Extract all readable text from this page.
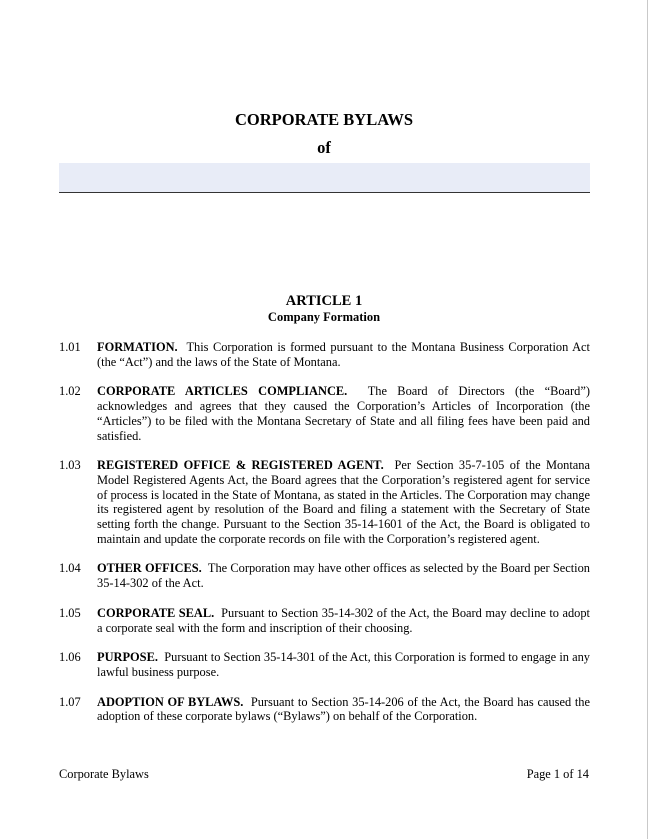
CORPORATE BYLAWS
of
ARTICLE 1
Company Formation
1.01	FORMATION. This Corporation is formed pursuant to the Montana Business Corporation Act (the “Act”) and the laws of the State of Montana.
1.02	CORPORATE ARTICLES COMPLIANCE. The Board of Directors (the “Board”) acknowledges and agrees that they caused the Corporation’s Articles of Incorporation (the “Articles”) to be filed with the Montana Secretary of State and all filing fees have been paid and satisfied.
1.03	REGISTERED OFFICE & REGISTERED AGENT. Per Section 35-7-105 of the Montana Model Registered Agents Act, the Board agrees that the Corporation’s registered agent for service of process is located in the State of Montana, as stated in the Articles. The Corporation may change its registered agent by resolution of the Board and filing a statement with the Secretary of State setting forth the change. Pursuant to the Section 35-14-1601 of the Act, the Board is obligated to maintain and update the corporate records on file with the Corporation’s registered agent.
1.04	OTHER OFFICES. The Corporation may have other offices as selected by the Board per Section 35-14-302 of the Act.
1.05	CORPORATE SEAL. Pursuant to Section 35-14-302 of the Act, the Board may decline to adopt a corporate seal with the form and inscription of their choosing.
1.06	PURPOSE. Pursuant to Section 35-14-301 of the Act, this Corporation is formed to engage in any lawful business purpose.
1.07	ADOPTION OF BYLAWS. Pursuant to Section 35-14-206 of the Act, the Board has caused the adoption of these corporate bylaws (“Bylaws”) on behalf of the Corporation.
Corporate Bylaws	Page 1 of 14
